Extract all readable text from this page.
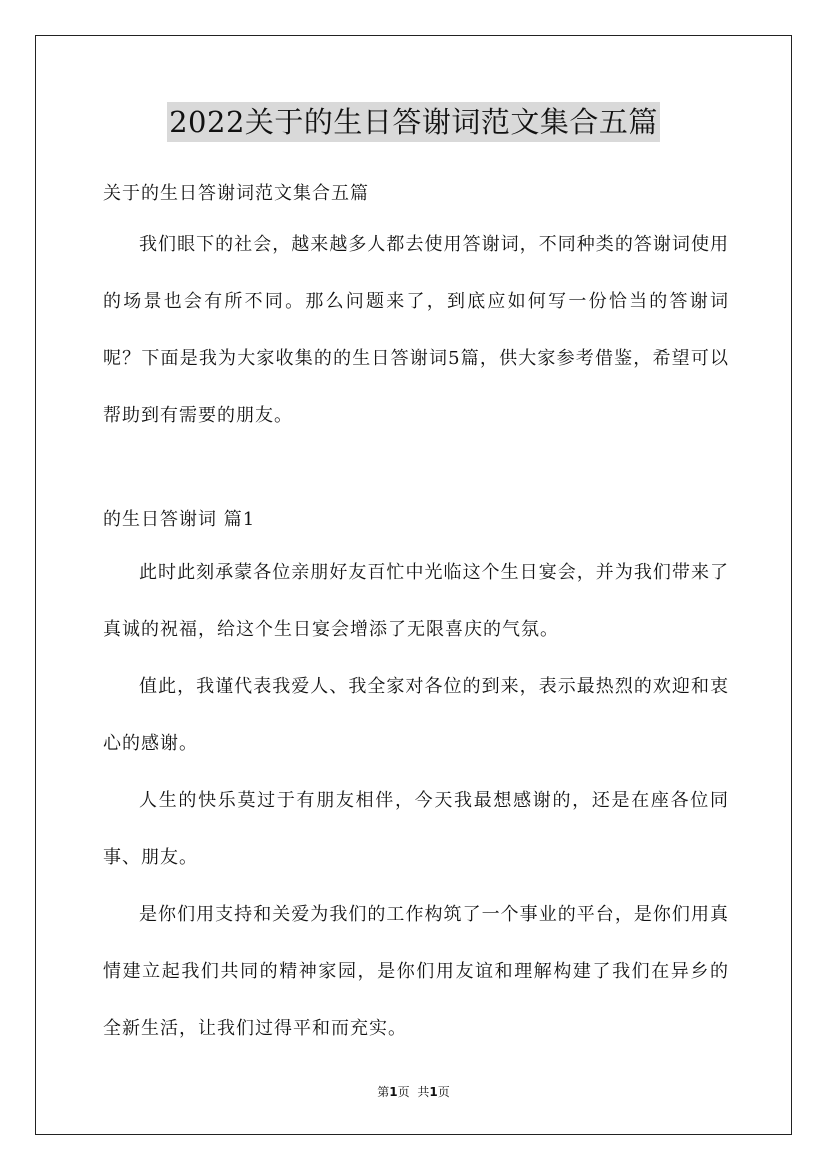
2022关于的生日答谢词范文集合五篇
关于的生日答谢词范文集合五篇

我们眼下的社会，越来越多人都去使用答谢词，不同种类的答谢词使用的场景也会有所不同。那么问题来了，到底应如何写一份恰当的答谢词呢？下面是我为大家收集的的生日答谢词5篇，供大家参考借鉴，希望可以帮助到有需要的朋友。

的生日答谢词 篇1

此时此刻承蒙各位亲朋好友百忙中光临这个生日宴会，并为我们带来了真诚的祝福，给这个生日宴会增添了无限喜庆的气氛。

值此，我谨代表我爱人、我全家对各位的到来，表示最热烈的欢迎和衷心的感谢。

人生的快乐莫过于有朋友相伴，今天我最想感谢的，还是在座各位同事、朋友。

是你们用支持和关爱为我们的工作构筑了一个事业的平台，是你们用真情建立起我们共同的精神家园，是你们用友谊和理解构建了我们在异乡的全新生活，让我们过得平和而充实。

第1页 共1页
